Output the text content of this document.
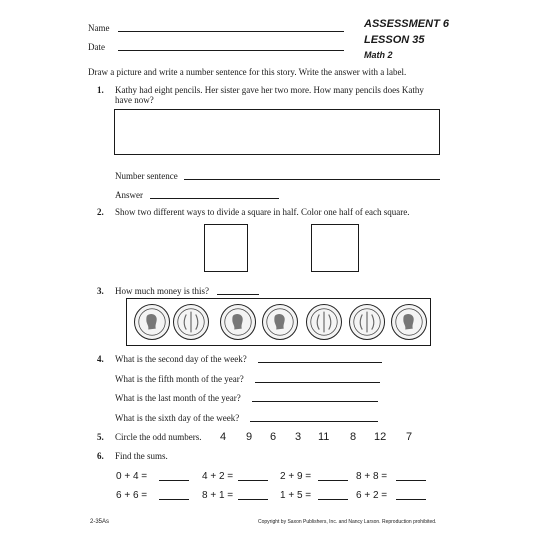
Name
Date
ASSESSMENT 6
LESSON 35
Math 2
Draw a picture and write a number sentence for this story. Write the answer with a label.
1. Kathy had eight pencils. Her sister gave her two more. How many pencils does Kathy
have now?
Number sentence
Answer
2. Show two different ways to divide a square in half. Color one half of each square.
3. How much money is this?
4. What is the second day of the week?
What is the fifth month of the year?
What is the last month of the year?
What is the sixth day of the week?
5. Circle the odd numbers. 4 9 6 3 11 8 12 7
6. Find the sums.
0 + 4 =	4 + 2 =	2 + 9 =	8 + 8 =
6 + 6 =	8 + 1 =	1 + 5 =	6 + 2 =
2-35As	Copyright by Saxon Publishers, Inc. and Nancy Larson. Reproduction prohibited.
